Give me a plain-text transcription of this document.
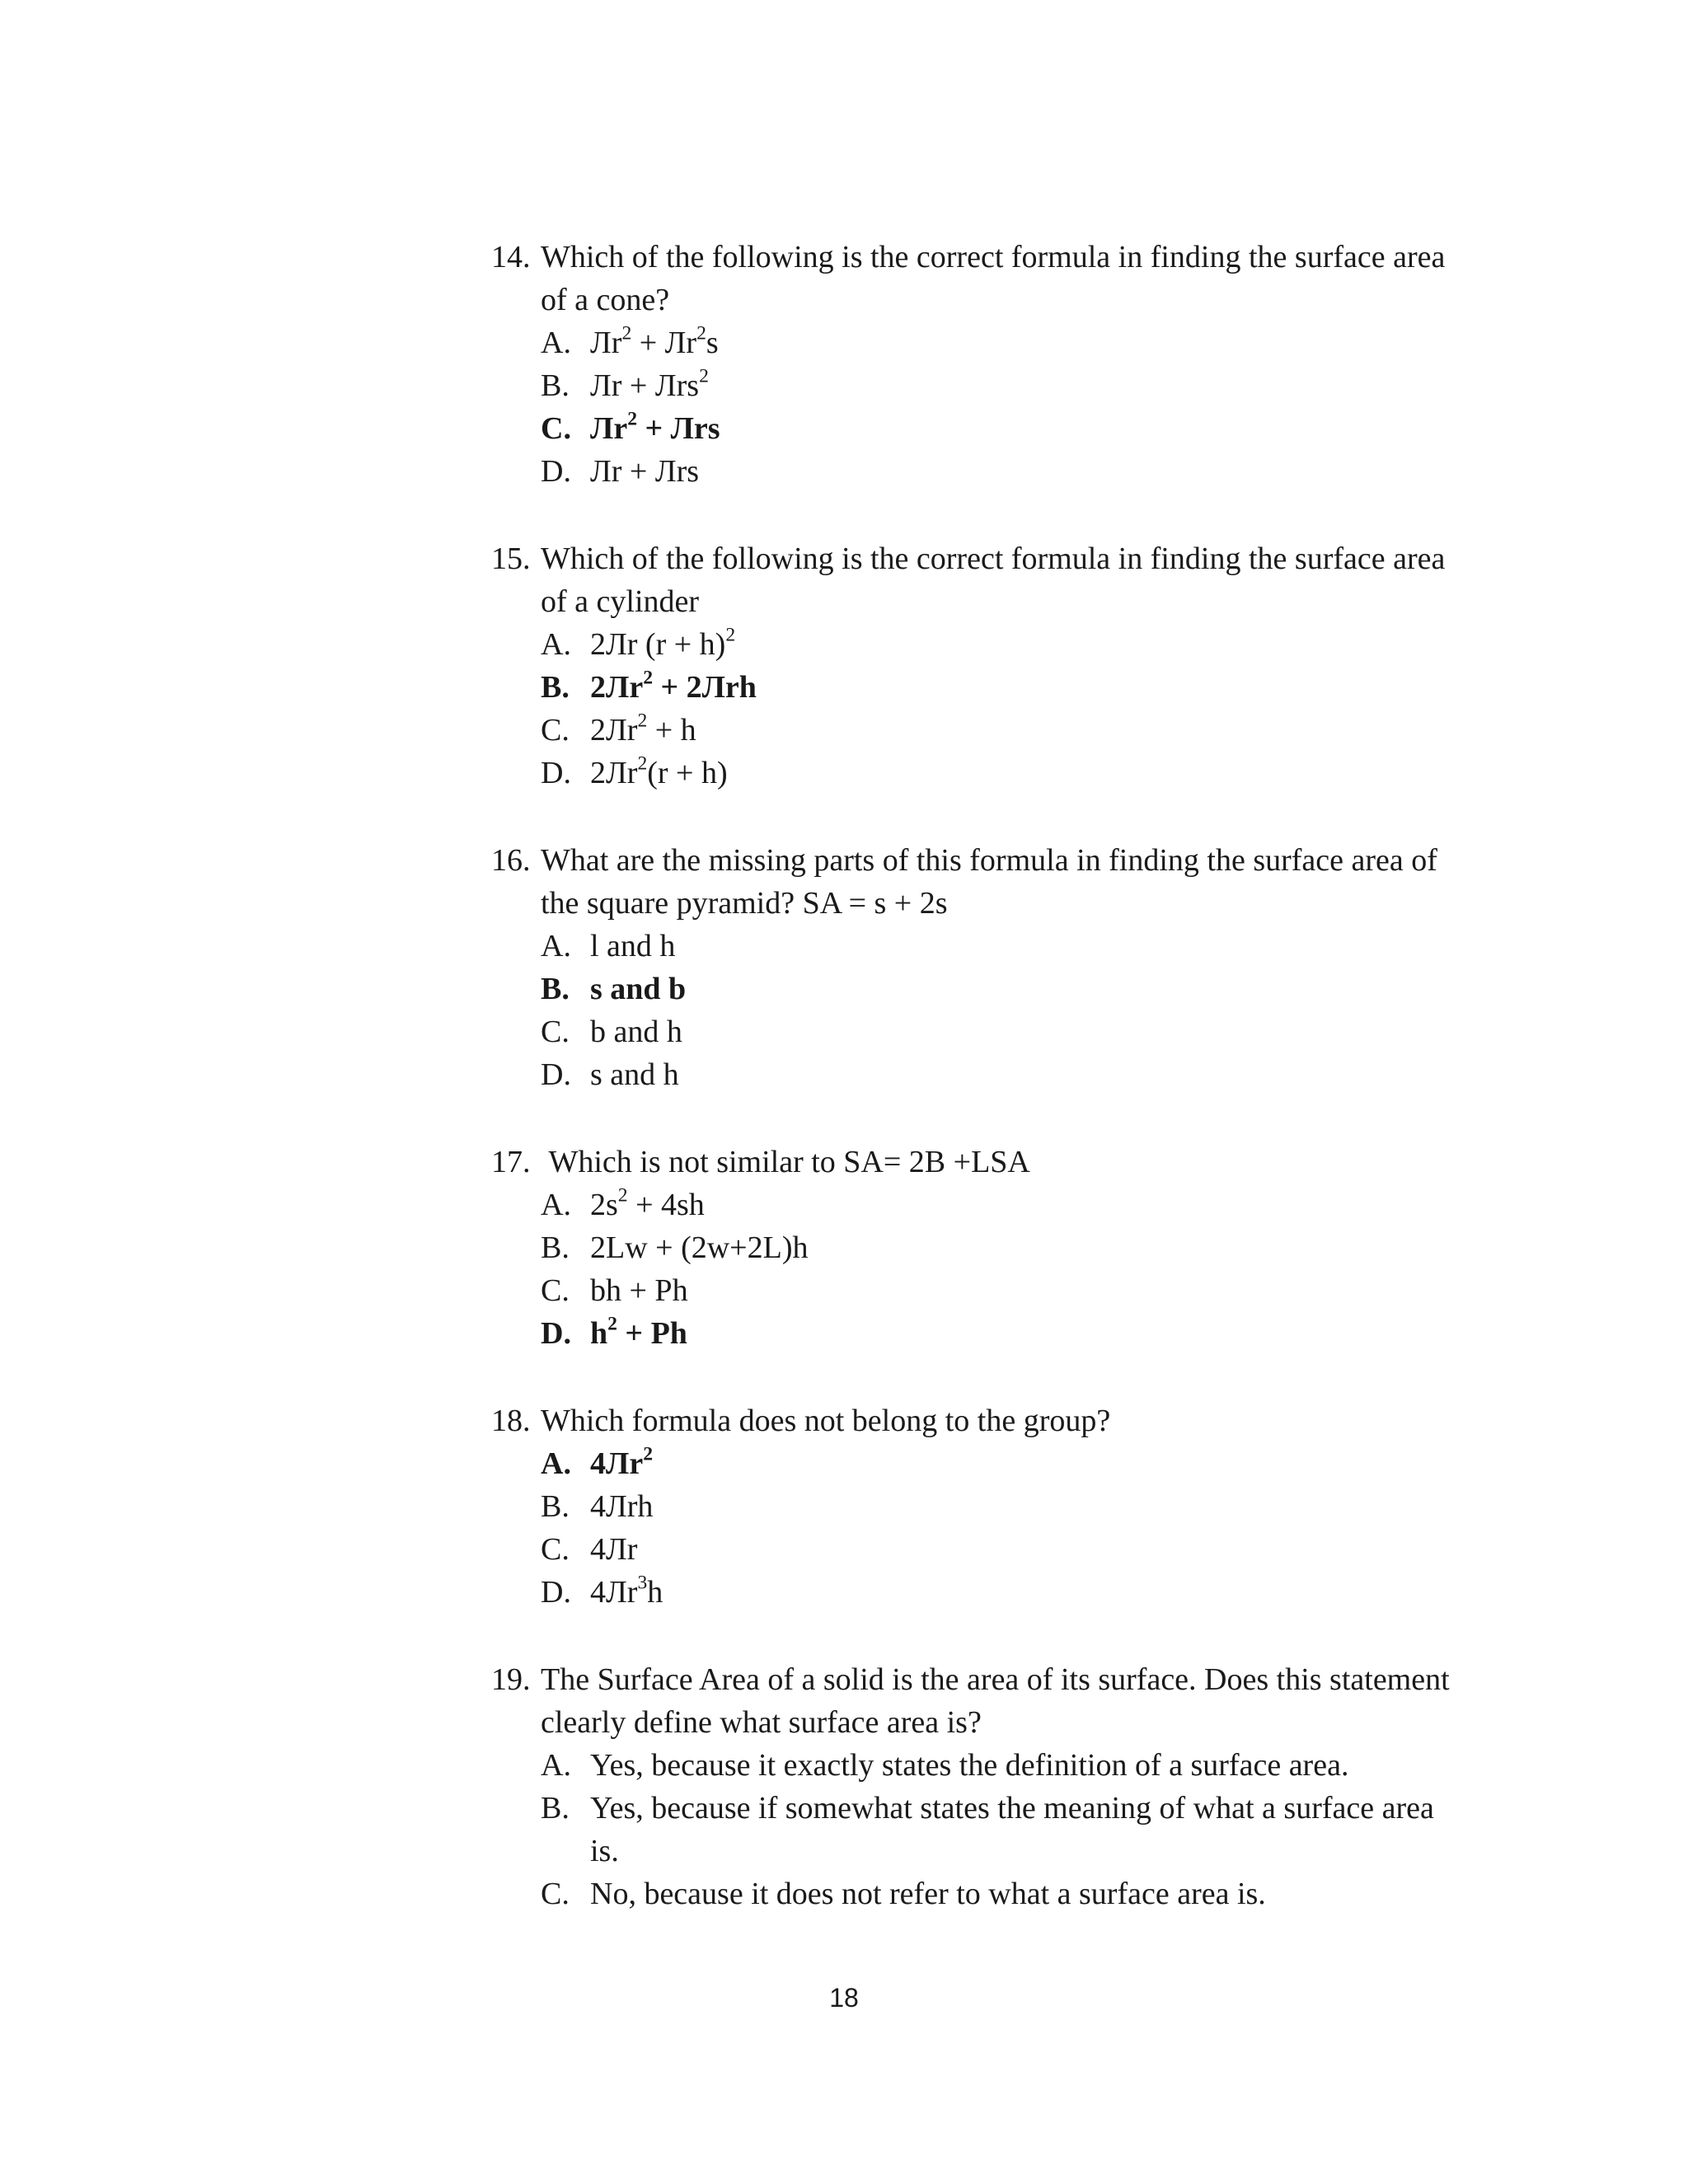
14. Which of the following is the correct formula in finding the surface area of a cone?
A. $Лr^2 + Лr^2s$
B. Лr + Лrs$^2$
C. $Лr^2$ + Лrs
D. Лr + Лrs
15. Which of the following is the correct formula in finding the surface area of a cylinder
A. 2Лr $(r + h)^2$
B. $2Лr^2 + 2Лrh$
C. $2Лr^2 + h$
D. $2Лr^2(r + h)$
16. What are the missing parts of this formula in finding the surface area of the square pyramid? SA = s + 2s
A. l and h
B. s and b
C. b and h
D. s and h
17. Which is not similar to SA= 2B +LSA
A. $2s^2 + 4sh$
B. 2Lw + (2w+2L)h
C. bh + Ph
D. $h^2 + Ph$
18. Which formula does not belong to the group?
A. $4Лr^2$
B. 4Лrh
C. 4Лr
D. $4Лr^3h$
19. The Surface Area of a solid is the area of its surface. Does this statement clearly define what surface area is?
A. Yes, because it exactly states the definition of a surface area.
B. Yes, because if somewhat states the meaning of what a surface area is.
C. No, because it does not refer to what a surface area is.
18
